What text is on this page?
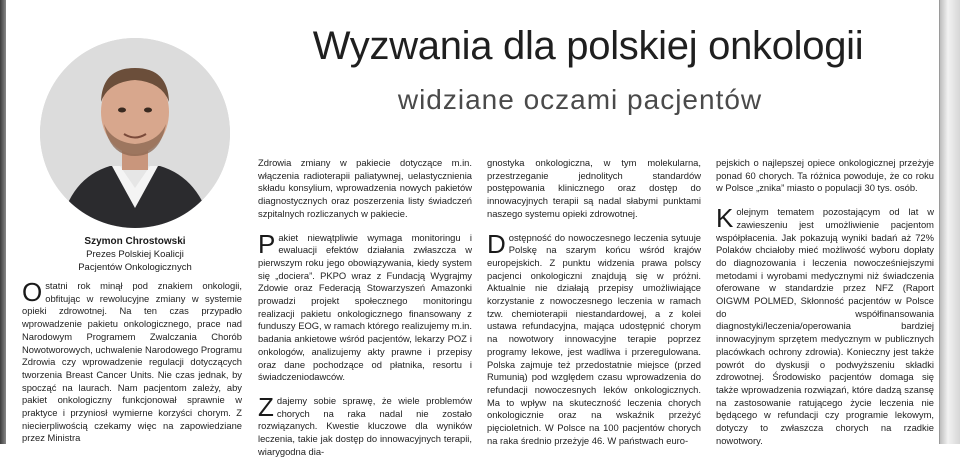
Szymon Chrostowski
Prezes Polskiej Koalicji
Pacjentów Onkologicznych
Wyzwania dla polskiej onkologii
widziane oczami pacjentów

Ostatni rok minął pod znakiem onkologii, obfitując w rewolucyjne zmiany w systemie opieki zdrowotnej. Na ten czas przypadło wprowadzenie pakietu onkologicznego, prace nad Narodowym Programem Zwalczania Chorób Nowotworowych, uchwalenie Narodowego Programu Zdrowia czy wprowadzenie regulacji dotyczących tworzenia Breast Cancer Units. Nie czas jednak, by spocząć na laurach. Nam pacjentom zależy, aby pakiet onkologiczny funkcjonował sprawnie w praktyce i przyniosł wymierne korzyści chorym. Z niecierpliwością czekamy więc na zapowiedziane przez Ministra

Zdrowia zmiany w pakiecie dotyczące m.in. włączenia radioterapii paliatywnej, uelastycznienia składu konsylium, wprowadzenia nowych pakietów diagnostycznych oraz poszerzenia listy świadczeń szpitalnych rozliczanych w pakiecie.

Pakiet niewątpliwie wymaga monitoringu i ewaluacji efektów działania zwłaszcza w pierwszym roku jego obowiązywania, kiedy system się „docierа”. PKPO wraz z Fundacją Wygrajmy Zdowie oraz Federacją Stowarzyszeń Amazonki prowadzi projekt społecznego monitoringu realizacji pakietu onkologicznego finansowany z funduszy EOG, w ramach którego realizujemy m.in. badania ankietowe wśród pacjentów, lekarzy POZ i onkologów, analizujemy akty prawne i przepisy oraz dane pochodzące od płatnika, resortu i świadczeniodawców.

Zdajemy sobie sprawę, że wiele problemów chorych na raka nadal nie zostało rozwiązanych. Kwestie kluczowe dla wyników leczenia, takie jak dostęp do innowacyjnych terapii, wiarygodna dia-

gnostyka onkologiczna, w tym molekularna, przestrzeganie jednolitych standardów postępowania klinicznego oraz dostęp do innowacyjnych terapii są nadal słabymi punktami naszego systemu opieki zdrowotnej.

Dostępność do nowoczesnego leczenia sytuuje Polskę na szarym końcu wśród krajów europejskich. Z punktu widzenia prawa polscy pacjenci onkologiczni znajdują się w próżni. Aktualnie nie działają przepisy umożliwiające korzystanie z nowoczesnego leczenia w ramach tzw. chemioterapii niestandardowej, a z kolei ustawa refundacyjna, mająca udostępnić chorym na nowotwory innowacyjne terapie poprzez programy lekowe, jest wadliwa i przeregulowana. Polska zajmuje też przedostatnie miejsce (przed Rumunią) pod względem czasu wprowadzenia do refundacji nowoczesnych leków onkologicznych. Ma to wpływ na skuteczność leczenia chorych onkologicznie oraz na wskaźnik przeżyć pięcioletnich. W Polsce na 100 pacjentów chorych na raka średnio przeżyje 46. W państwach euro-

pejskich o najlepszej opiece onkologicznej przeżyje ponad 60 chorych. Ta różnica powoduje, że co roku w Polsce „znika” miasto o populacji 30 tys. osób.

Kolejnym tematem pozostającym od lat w zawieszeniu jest umożliwienie pacjentom współpłacenia. Jak pokazują wyniki badań aż 72% Polaków chciałoby mieć możliwość wyboru dopłaty do diagnozowania i leczenia nowocześniejszymi metodami i wyrobami medycznymi niż świadczenia oferowane w standardzie przez NFZ (Raport OIGWM POLMED, Skłonność pacjentów w Polsce do współfinansowania diagnostyki/leczenia/operowania bardziej innowacyjnym sprzętem medycznym w publicznych placówkach ochrony zdrowia). Konieczny jest także powrót do dyskusji o podwyższeniu składki zdrowotnej. Środowisko pacjentów domaga się także wprowadzenia rozwiązań, które dadzą szansę na zastosowanie ratującego życie leczenia nie będącego w refundacji czy programie lekowym, dotyczy to zwłaszcza chorych na rzadkie nowotwory.
